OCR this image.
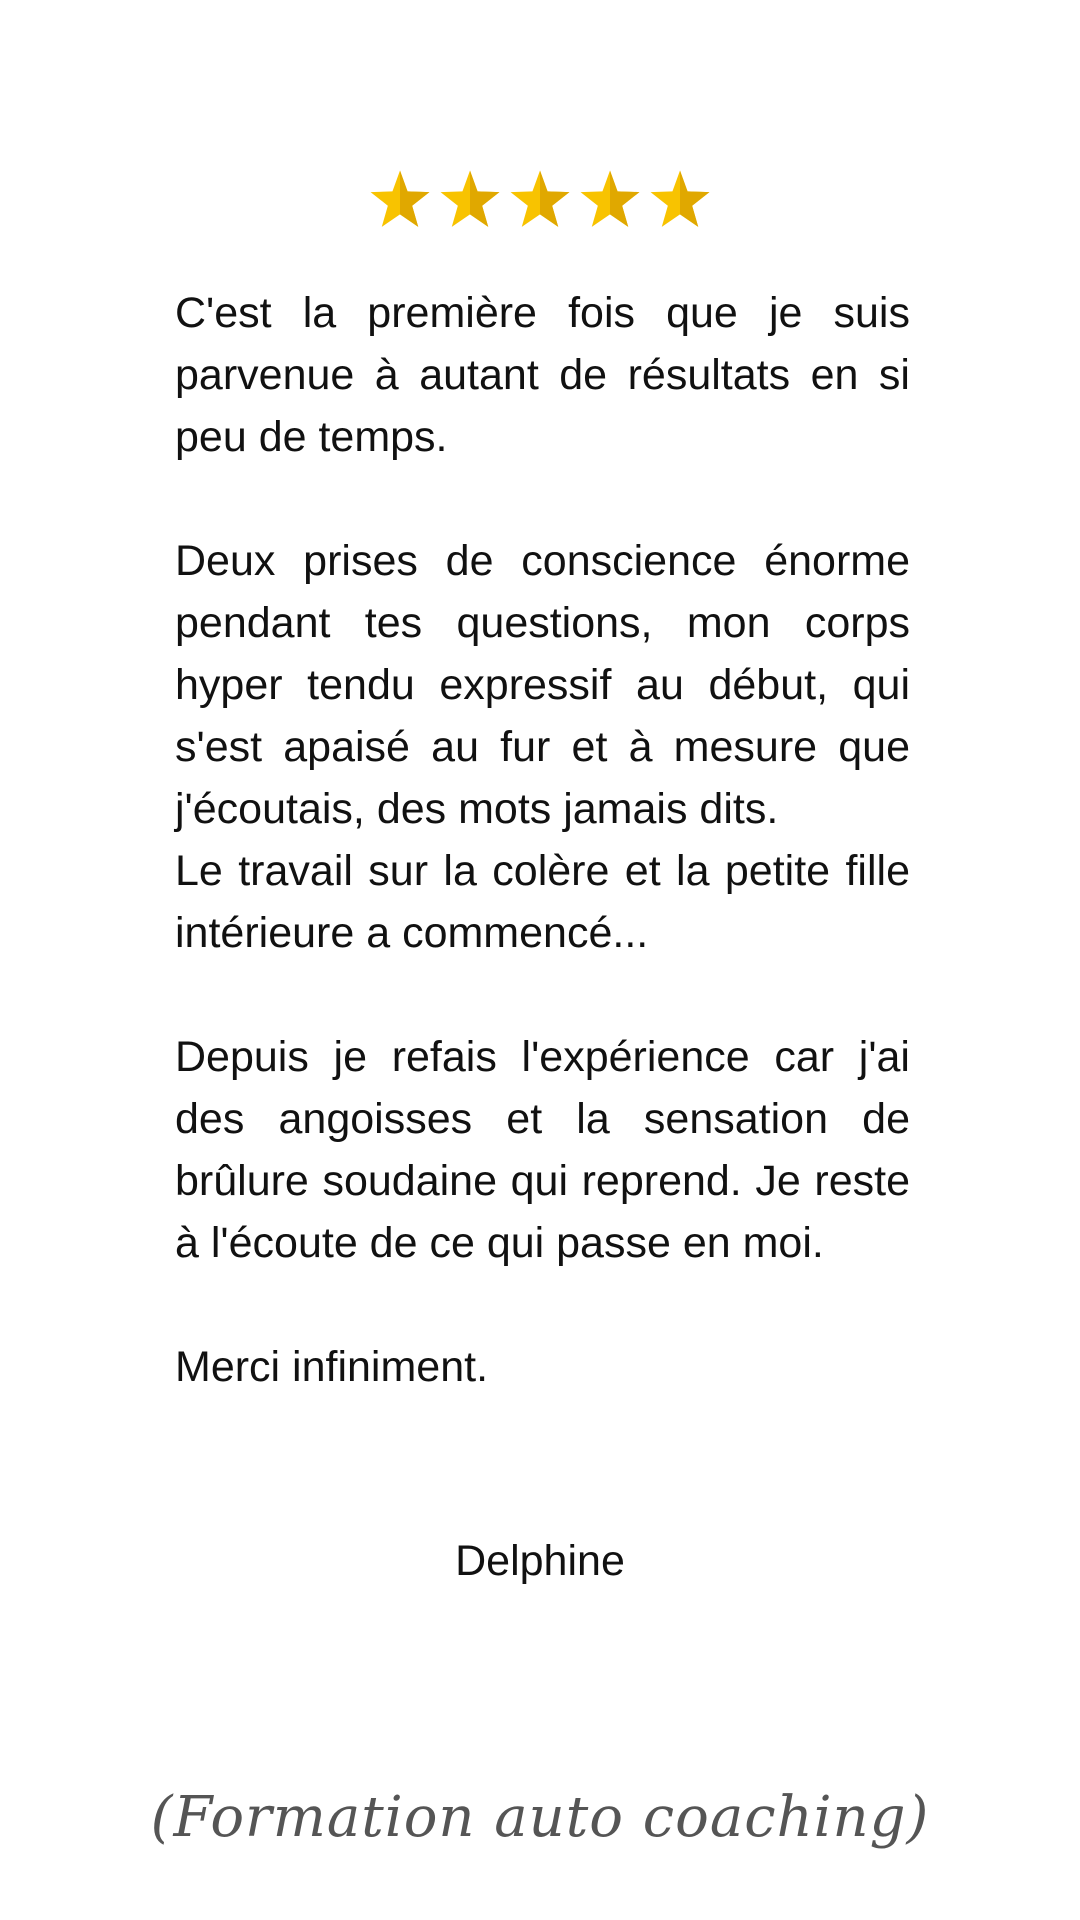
C'est la première fois que je suis parvenue à autant de résultats en si peu de temps.

Deux prises de conscience énorme pendant tes questions, mon corps hyper tendu expressif au début, qui s'est apaisé au fur et à mesure que j'écoutais, des mots jamais dits.

Le travail sur la colère et la petite fille intérieure a commencé...

Depuis je refais l'expérience car j'ai des angoisses et la sensation de brûlure soudaine qui reprend. Je reste à l'écoute de ce qui passe en moi.

Merci infiniment.

Delphine
(Formation auto coaching)
